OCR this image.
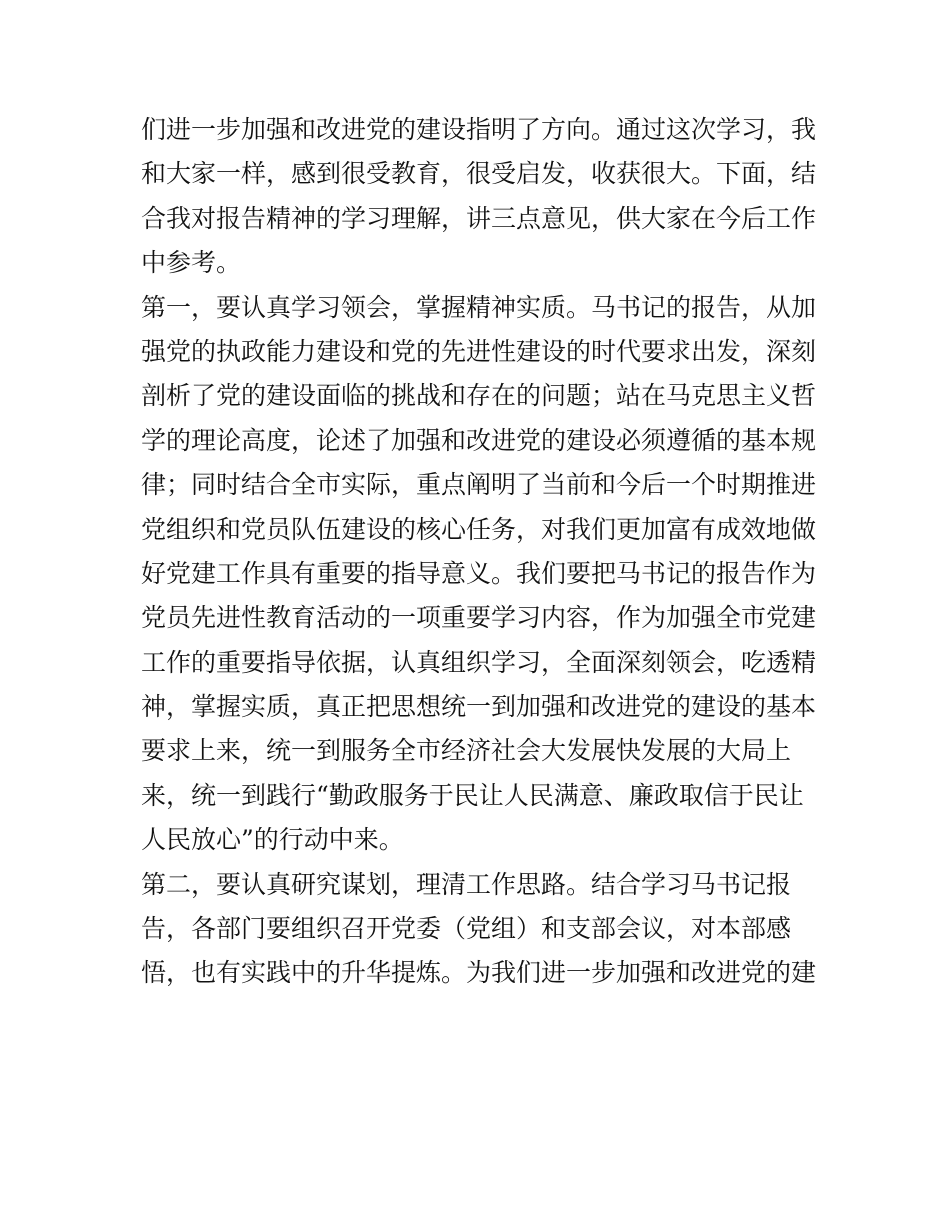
们进一步加强和改进党的建设指明了方向。通过这次学习，我
和大家一样，感到很受教育，很受启发，收获很大。下面，结
合我对报告精神的学习理解，讲三点意见，供大家在今后工作
中参考。
第一，要认真学习领会，掌握精神实质。马书记的报告，从加
强党的执政能力建设和党的先进性建设的时代要求出发，深刻
剖析了党的建设面临的挑战和存在的问题；站在马克思主义哲
学的理论高度，论述了加强和改进党的建设必须遵循的基本规
律；同时结合全市实际，重点阐明了当前和今后一个时期推进
党组织和党员队伍建设的核心任务，对我们更加富有成效地做
好党建工作具有重要的指导意义。我们要把马书记的报告作为
党员先进性教育活动的一项重要学习内容，作为加强全市党建
工作的重要指导依据，认真组织学习，全面深刻领会，吃透精
神，掌握实质，真正把思想统一到加强和改进党的建设的基本
要求上来，统一到服务全市经济社会大发展快发展的大局上
来，统一到践行“勤政服务于民让人民满意、廉政取信于民让
人民放心”的行动中来。
第二，要认真研究谋划，理清工作思路。结合学习马书记报
告，各部门要组织召开党委（党组）和支部会议，对本部感
悟，也有实践中的升华提炼。为我们进一步加强和改进党的建
